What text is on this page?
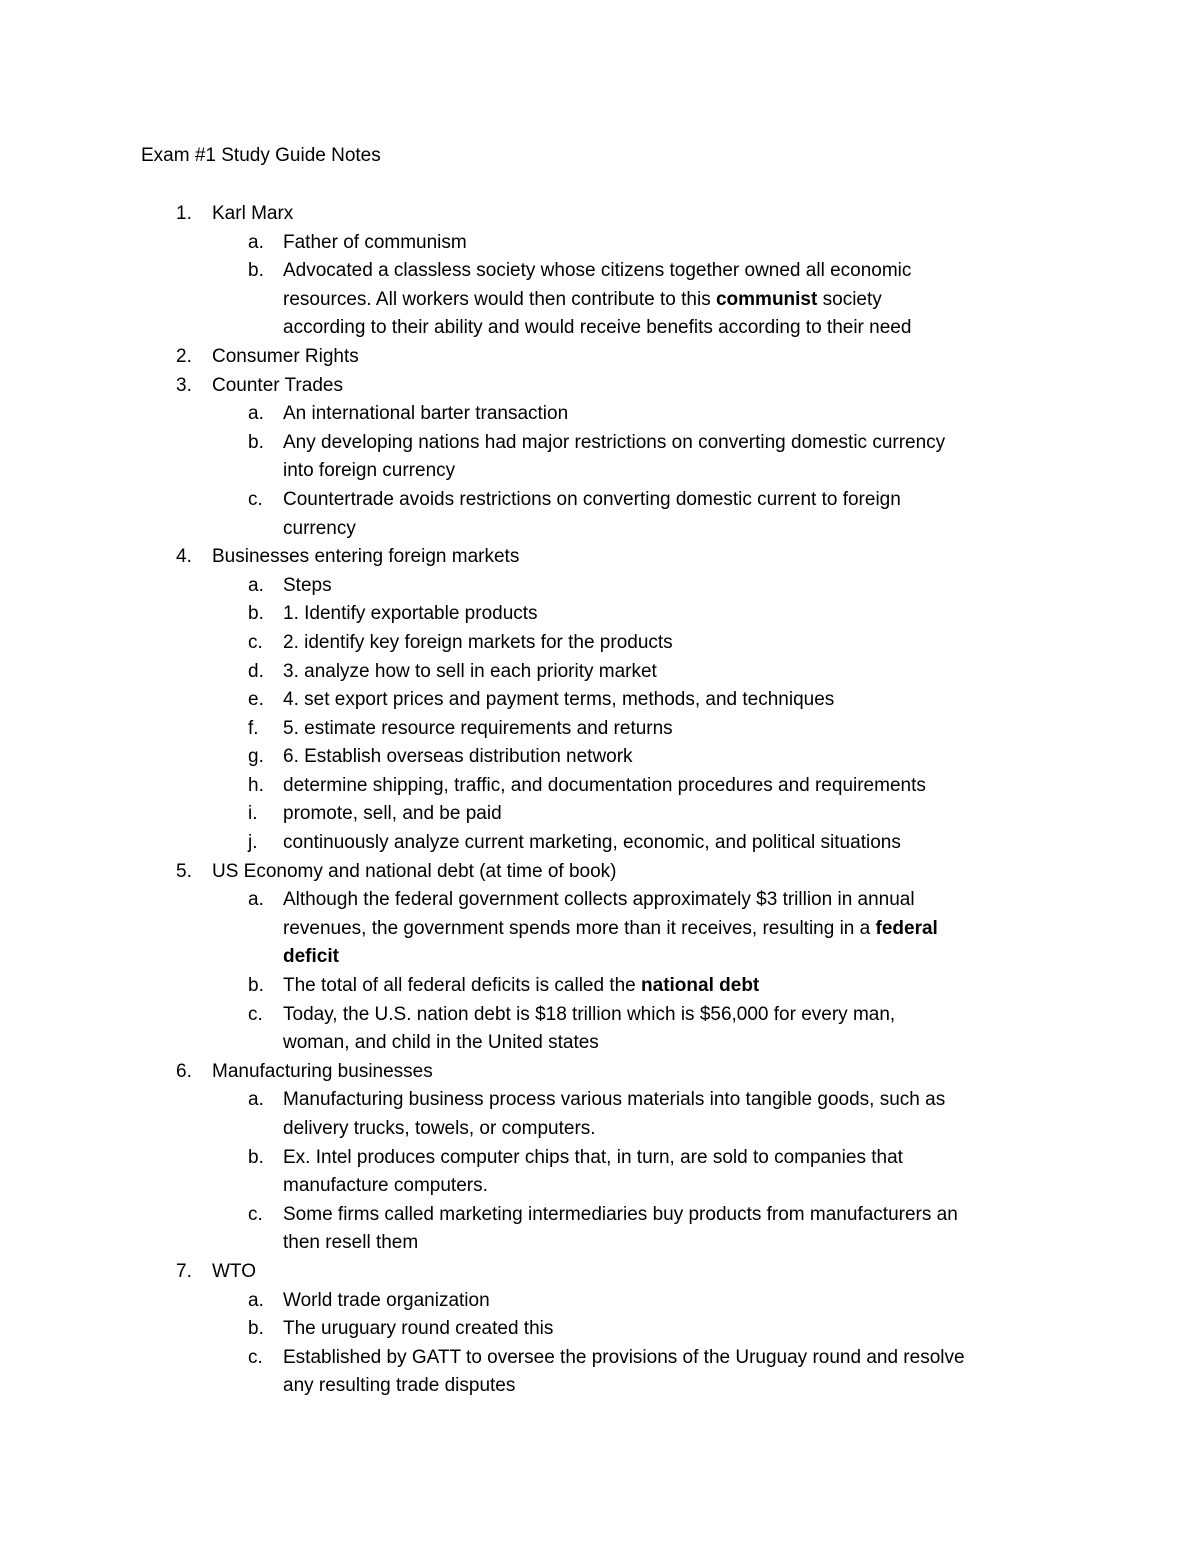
Exam #1 Study Guide Notes
1. Karl Marx
a. Father of communism
b. Advocated a classless society whose citizens together owned all economic
resources. All workers would then contribute to this communist society
according to their ability and would receive benefits according to their need
2. Consumer Rights
3. Counter Trades
a. An international barter transaction
b. Any developing nations had major restrictions on converting domestic currency
into foreign currency
c. Countertrade avoids restrictions on converting domestic current to foreign
currency
4. Businesses entering foreign markets
a. Steps
b. 1. Identify exportable products
c. 2. identify key foreign markets for the products
d. 3. analyze how to sell in each priority market
e. 4. set export prices and payment terms, methods, and techniques
f. 5. estimate resource requirements and returns
g. 6. Establish overseas distribution network
h. determine shipping, traffic, and documentation procedures and requirements
i. promote, sell, and be paid
j. continuously analyze current marketing, economic, and political situations
5. US Economy and national debt (at time of book)
a. Although the federal government collects approximately $3 trillion in annual
revenues, the government spends more than it receives, resulting in a federal
deficit
b. The total of all federal deficits is called the national debt
c. Today, the U.S. nation debt is $18 trillion which is $56,000 for every man,
woman, and child in the United states
6. Manufacturing businesses
a. Manufacturing business process various materials into tangible goods, such as
delivery trucks, towels, or computers.
b. Ex. Intel produces computer chips that, in turn, are sold to companies that
manufacture computers.
c. Some firms called marketing intermediaries buy products from manufacturers an
then resell them
7. WTO
a. World trade organization
b. The uruguary round created this
c. Established by GATT to oversee the provisions of the Uruguay round and resolve
any resulting trade disputes
